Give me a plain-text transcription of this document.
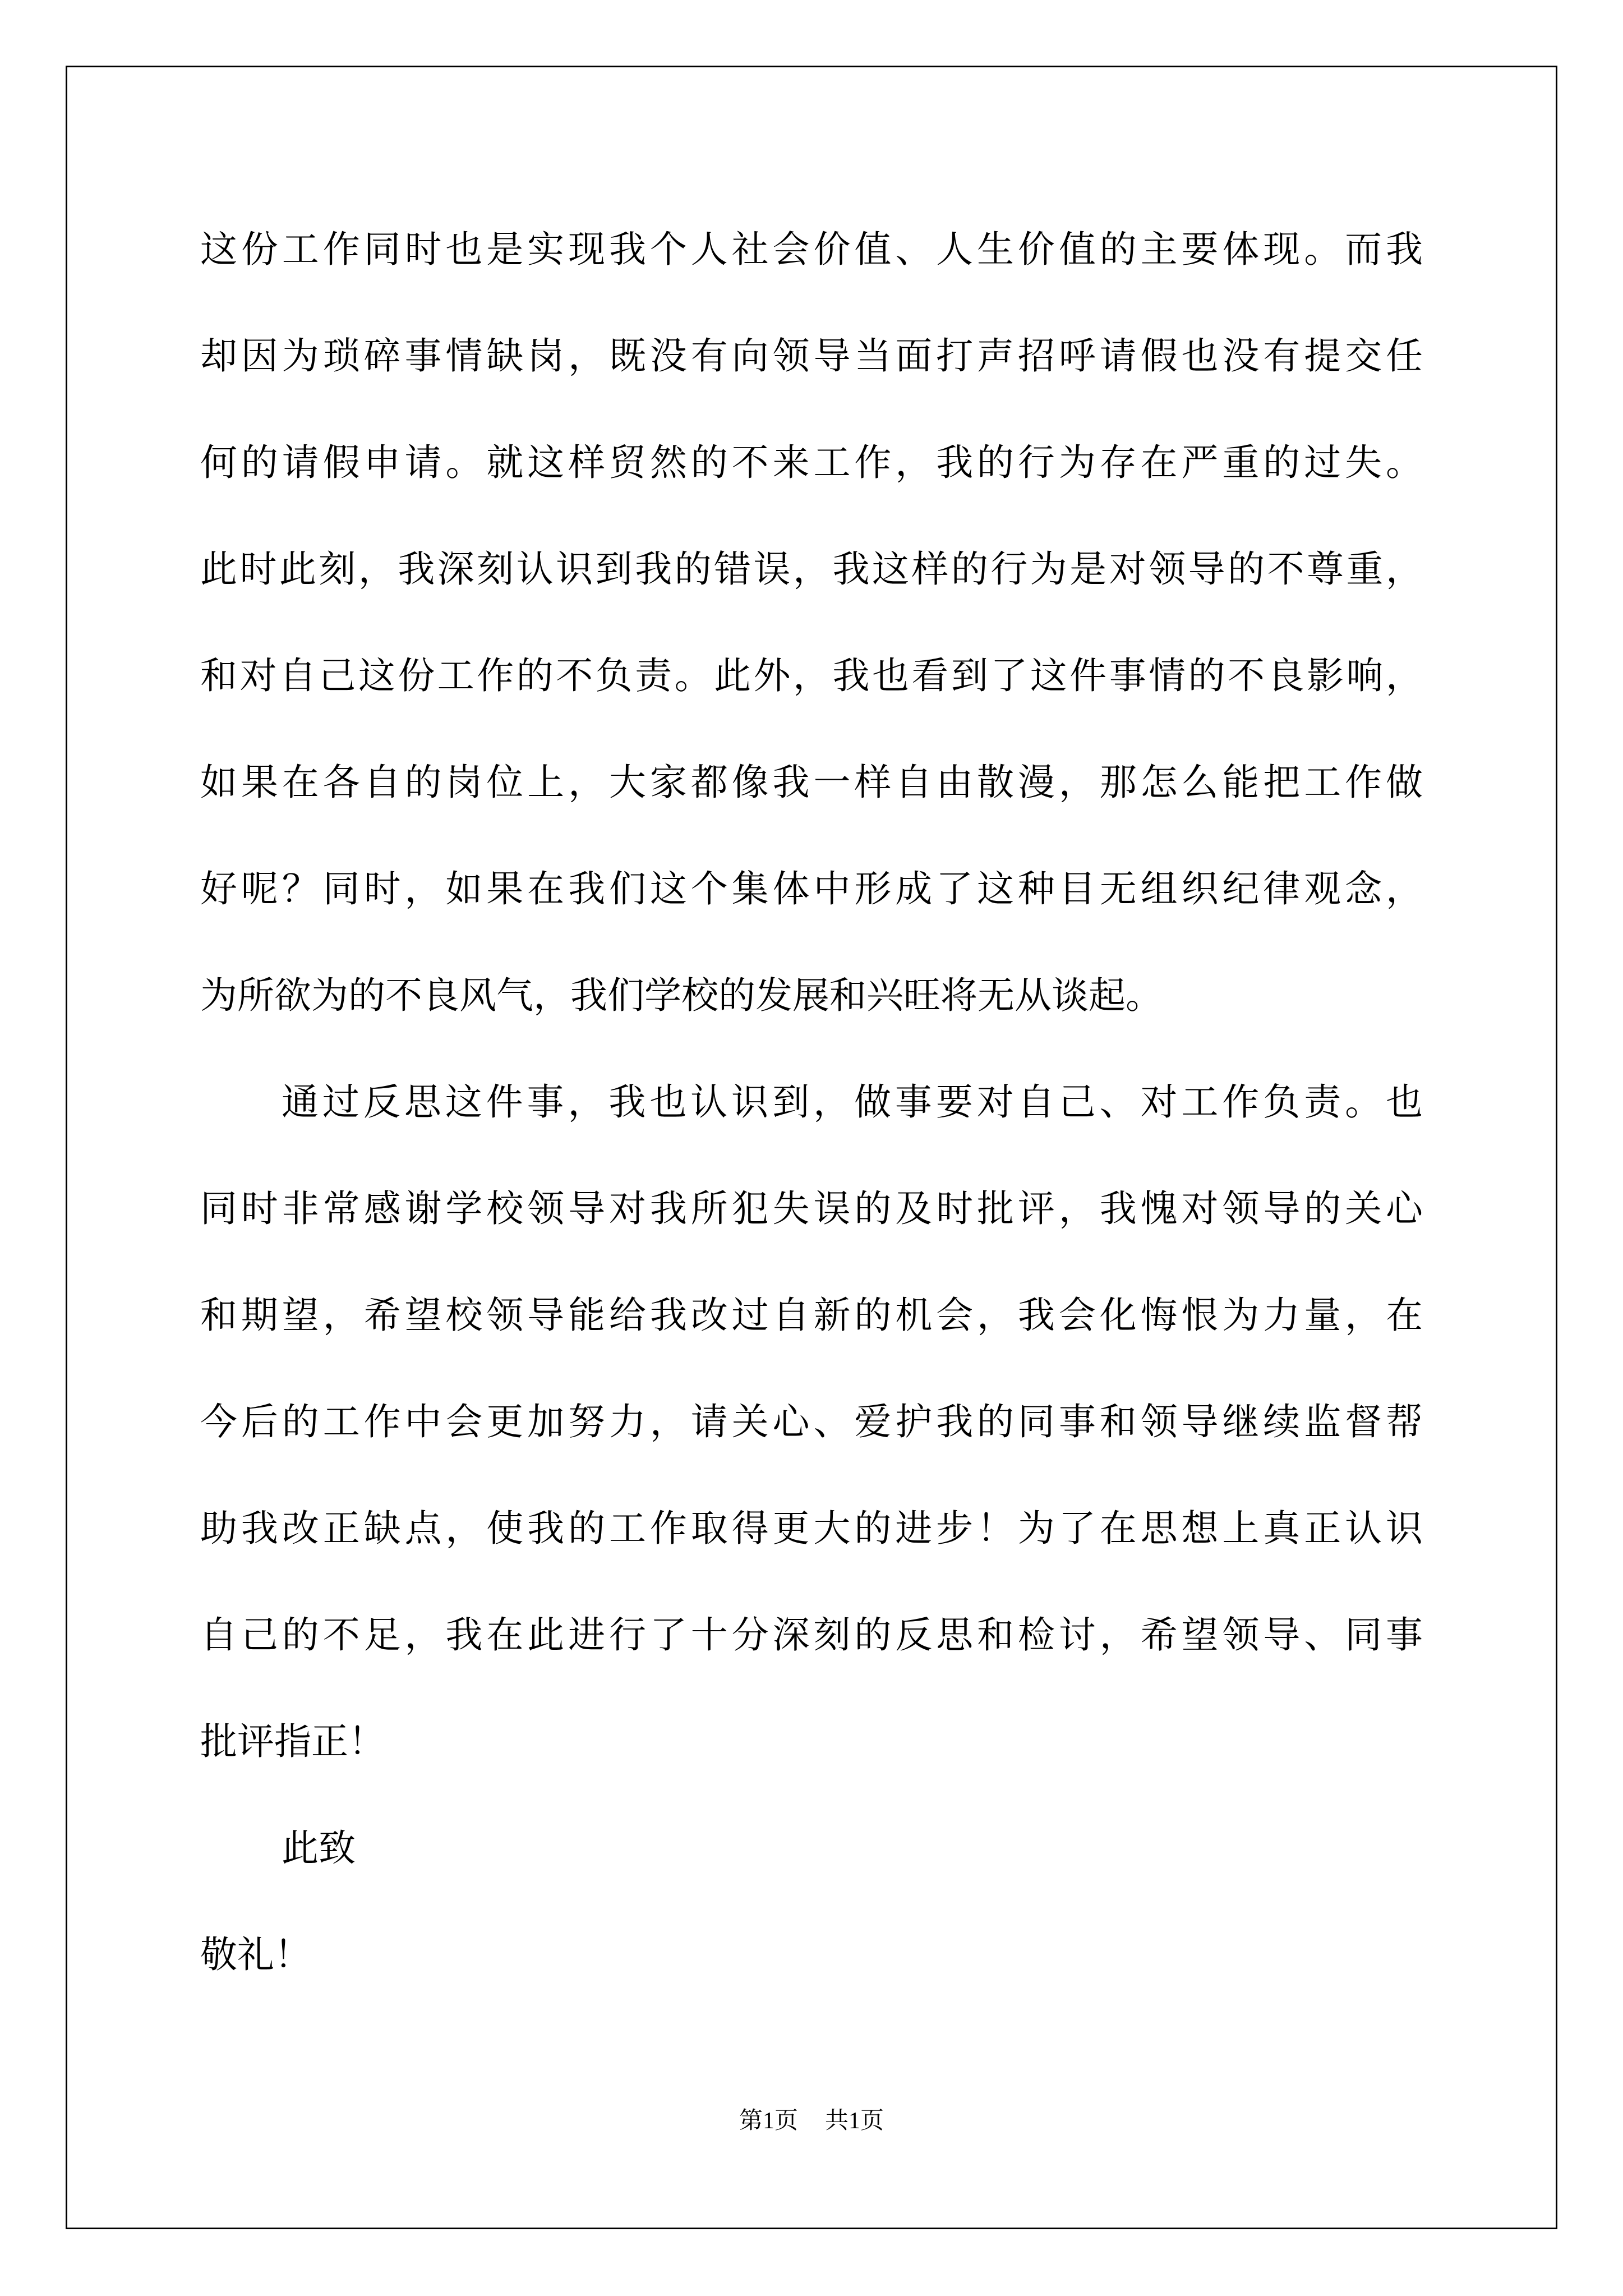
这份工作同时也是实现我个人社会价值、人生价值的主要体现。而我
却因为琐碎事情缺岗，既没有向领导当面打声招呼请假也没有提交任
何的请假申请。就这样贸然的不来工作，我的行为存在严重的过失。
此时此刻，我深刻认识到我的错误，我这样的行为是对领导的不尊重，
和对自己这份工作的不负责。此外，我也看到了这件事情的不良影响，
如果在各自的岗位上，大家都像我一样自由散漫，那怎么能把工作做
好呢？同时，如果在我们这个集体中形成了这种目无组织纪律观念，
为所欲为的不良风气，我们学校的发展和兴旺将无从谈起。
通过反思这件事，我也认识到，做事要对自己、对工作负责。也
同时非常感谢学校领导对我所犯失误的及时批评，我愧对领导的关心
和期望，希望校领导能给我改过自新的机会，我会化悔恨为力量，在
今后的工作中会更加努力，请关心、爱护我的同事和领导继续监督帮
助我改正缺点，使我的工作取得更大的进步！为了在思想上真正认识
自己的不足，我在此进行了十分深刻的反思和检讨，希望领导、同事
批评指正！
此致
敬礼！
第1页 共1页
